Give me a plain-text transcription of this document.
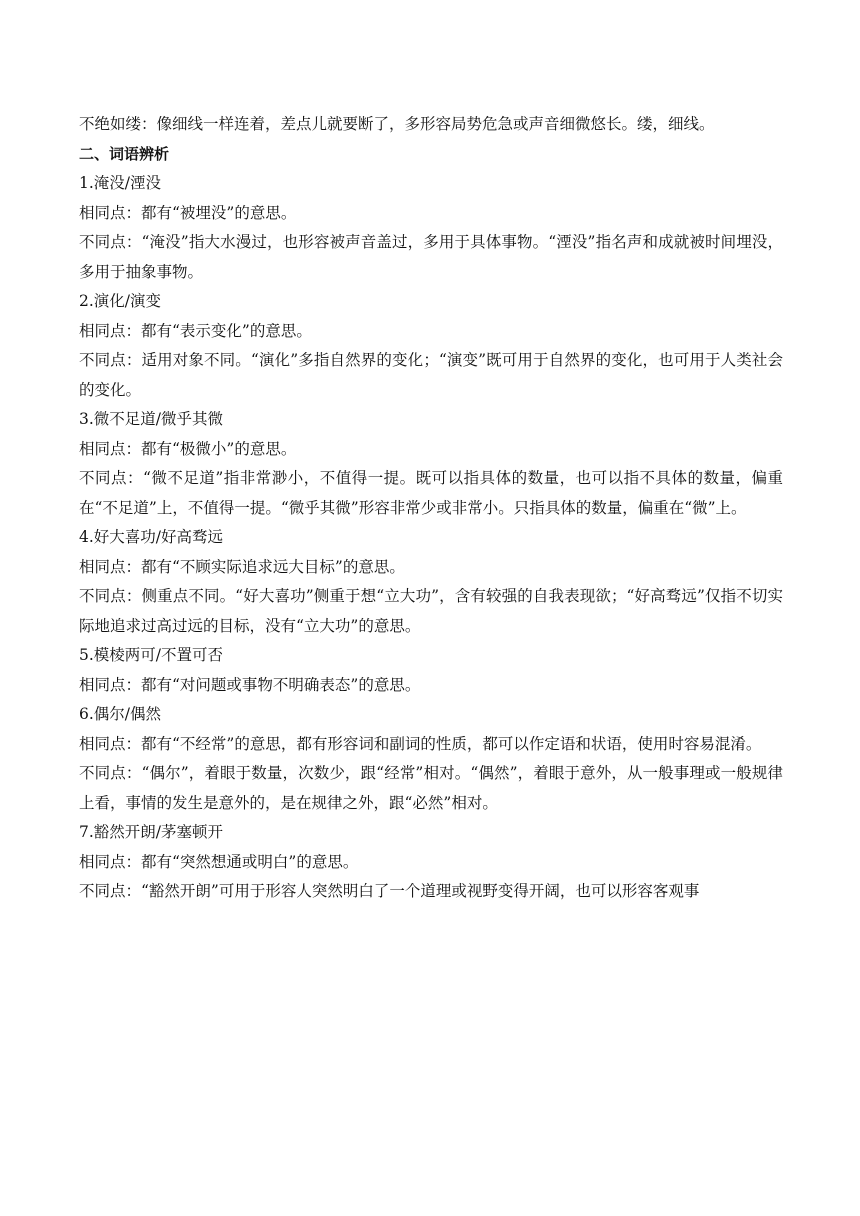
不绝如缕：像细线一样连着，差点儿就要断了，多形容局势危急或声音细微悠长。缕，细线。

二、词语辨析

1.淹没/湮没

相同点：都有“被埋没”的意思。

不同点：“淹没”指大水漫过，也形容被声音盖过，多用于具体事物。“湮没”指名声和成就被时间埋没，多用于抽象事物。

2.演化/演变

相同点：都有“表示变化”的意思。

不同点：适用对象不同。“演化”多指自然界的变化；“演变”既可用于自然界的变化，也可用于人类社会的变化。

3.微不足道/微乎其微

相同点：都有“极微小”的意思。

不同点：“微不足道”指非常渺小，不值得一提。既可以指具体的数量，也可以指不具体的数量，偏重在“不足道”上，不值得一提。“微乎其微”形容非常少或非常小。只指具体的数量，偏重在“微”上。

4.好大喜功/好高骛远

相同点：都有“不顾实际追求远大目标”的意思。

不同点：侧重点不同。“好大喜功”侧重于想“立大功”，含有较强的自我表现欲；“好高骛远”仅指不切实际地追求过高过远的目标，没有“立大功”的意思。

5.模棱两可/不置可否

相同点：都有“对问题或事物不明确表态”的意思。

6.偶尔/偶然

相同点：都有“不经常”的意思，都有形容词和副词的性质，都可以作定语和状语，使用时容易混淆。

不同点：“偶尔”，着眼于数量，次数少，跟“经常”相对。“偶然”，着眼于意外，从一般事理或一般规律上看，事情的发生是意外的，是在规律之外，跟“必然”相对。

7.豁然开朗/茅塞顿开

相同点：都有“突然想通或明白”的意思。

不同点：“豁然开朗”可用于形容人突然明白了一个道理或视野变得开阔，也可以形容客观事
